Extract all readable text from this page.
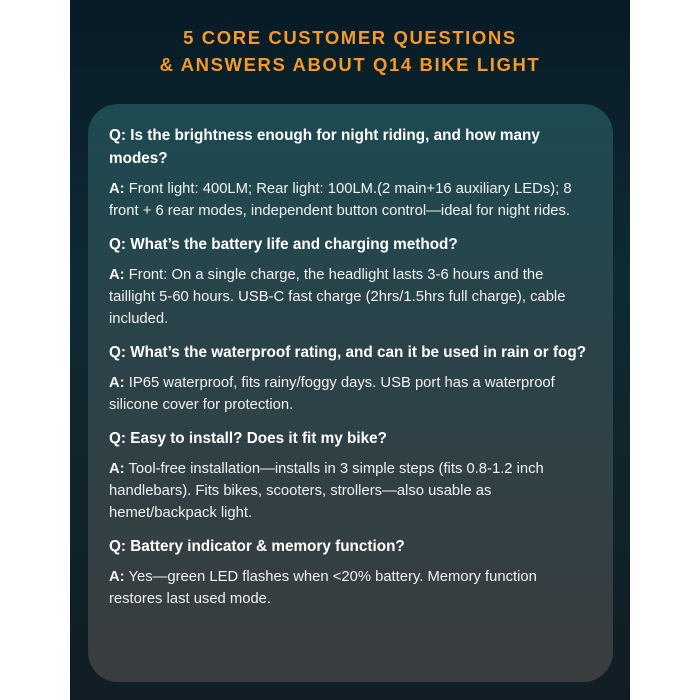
5 CORE CUSTOMER QUESTIONS
& ANSWERS ABOUT Q14 BIKE LIGHT
Q: Is the brightness enough for night riding, and how many modes?
A: Front light: 400LM; Rear light: 100LM.(2 main+16 auxiliary LEDs); 8 front + 6 rear modes, independent button control—ideal for night rides.
Q: What’s the battery life and charging method?
A: Front: On a single charge, the headlight lasts 3-6 hours and the taillight 5-60 hours. USB-C fast charge (2hrs/1.5hrs full charge), cable included.
Q: What’s the waterproof rating, and can it be used in rain or fog?
A: IP65 waterproof, fits rainy/foggy days. USB port has a waterproof silicone cover for protection.
Q: Easy to install? Does it fit my bike?
A: Tool-free installation—installs in 3 simple steps (fits 0.8-1.2 inch handlebars). Fits bikes, scooters, strollers—also usable as hemet/backpack light.
Q: Battery indicator & memory function?
A: Yes—green LED flashes when <20% battery. Memory function restores last used mode.
